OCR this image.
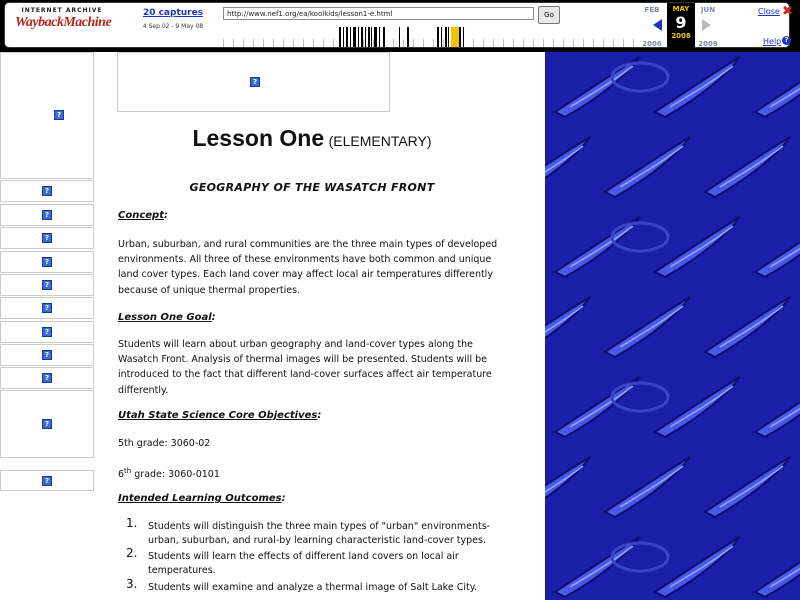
INTERNET ARCHIVE
WaybackMachine
20 captures
4 Sep 02 - 9 May 08
http://www.nef1.org/ea/koolkids/lesson1-e.html	Go
FEB
2006
MAY
9
2008
JUN
2009
Close ✖
Help ?
?
?
?
?
?
?
?
?
?
?
?
?
?
Lesson One (ELEMENTARY)
GEOGRAPHY OF THE WASATCH FRONT
Concept:
Urban, suburban, and rural communities are the three main types of developed environments. All three of these environments have both common and unique land cover types. Each land cover may affect local air temperatures differently because of unique thermal properties.
Lesson One Goal:
Students will learn about urban geography and land-cover types along the Wasatch Front. Analysis of thermal images will be presented. Students will be introduced to the fact that different land-cover surfaces affect air temperature differently.
Utah State Science Core Objectives:
5th grade: 3060-02
6th grade: 3060-0101
Intended Learning Outcomes:
1. Students will distinguish the three main types of "urban" environments-urban, suburban, and rural-by learning characteristic land-cover types.
2. Students will learn the effects of different land covers on local air temperatures.
3. Students will examine and analyze a thermal image of Salt Lake City.
